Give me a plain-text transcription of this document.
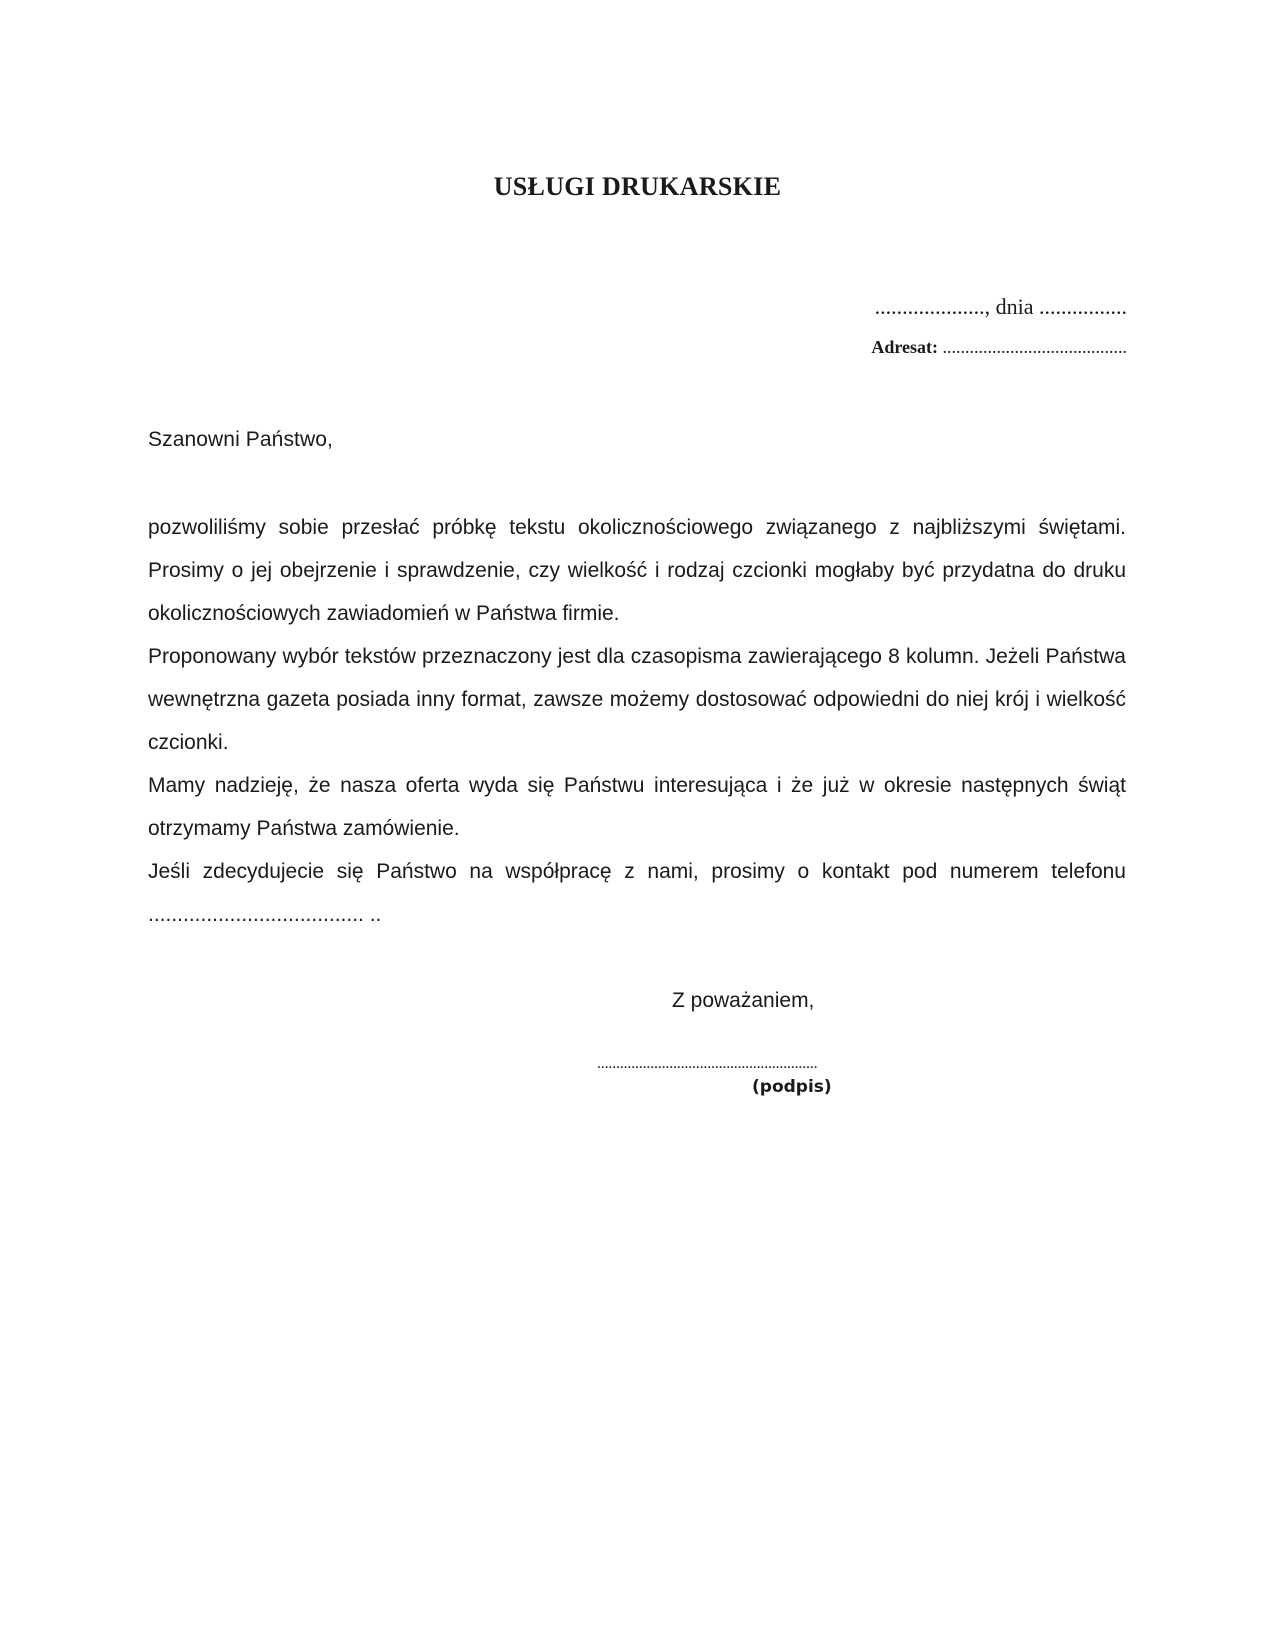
USŁUGI DRUKARSKIE
...................., dnia ................
Adresat: .........................................
Szanowni Państwo,

pozwoliliśmy sobie przesłać próbkę tekstu okolicznościowego związanego z najbliższymi świętami. Prosimy o jej obejrzenie i sprawdzenie, czy wielkość i rodzaj czcionki mogłaby być przydatna do druku okolicznościowych zawiadomień w Państwa firmie.

Proponowany wybór tekstów przeznaczony jest dla czasopisma zawierającego 8 kolumn. Jeżeli Państwa wewnętrzna gazeta posiada inny format, zawsze możemy dostosować odpowiedni do niej krój i wielkość czcionki.

Mamy nadzieję, że nasza oferta wyda się Państwu interesująca i że już w okresie następnych świąt otrzymamy Państwa zamówienie.

Jeśli zdecydujecie się Państwo na współpracę z nami, prosimy o kontakt pod numerem telefonu ..................................... ..

Z poważaniem,
..........................................................
(podpis)
